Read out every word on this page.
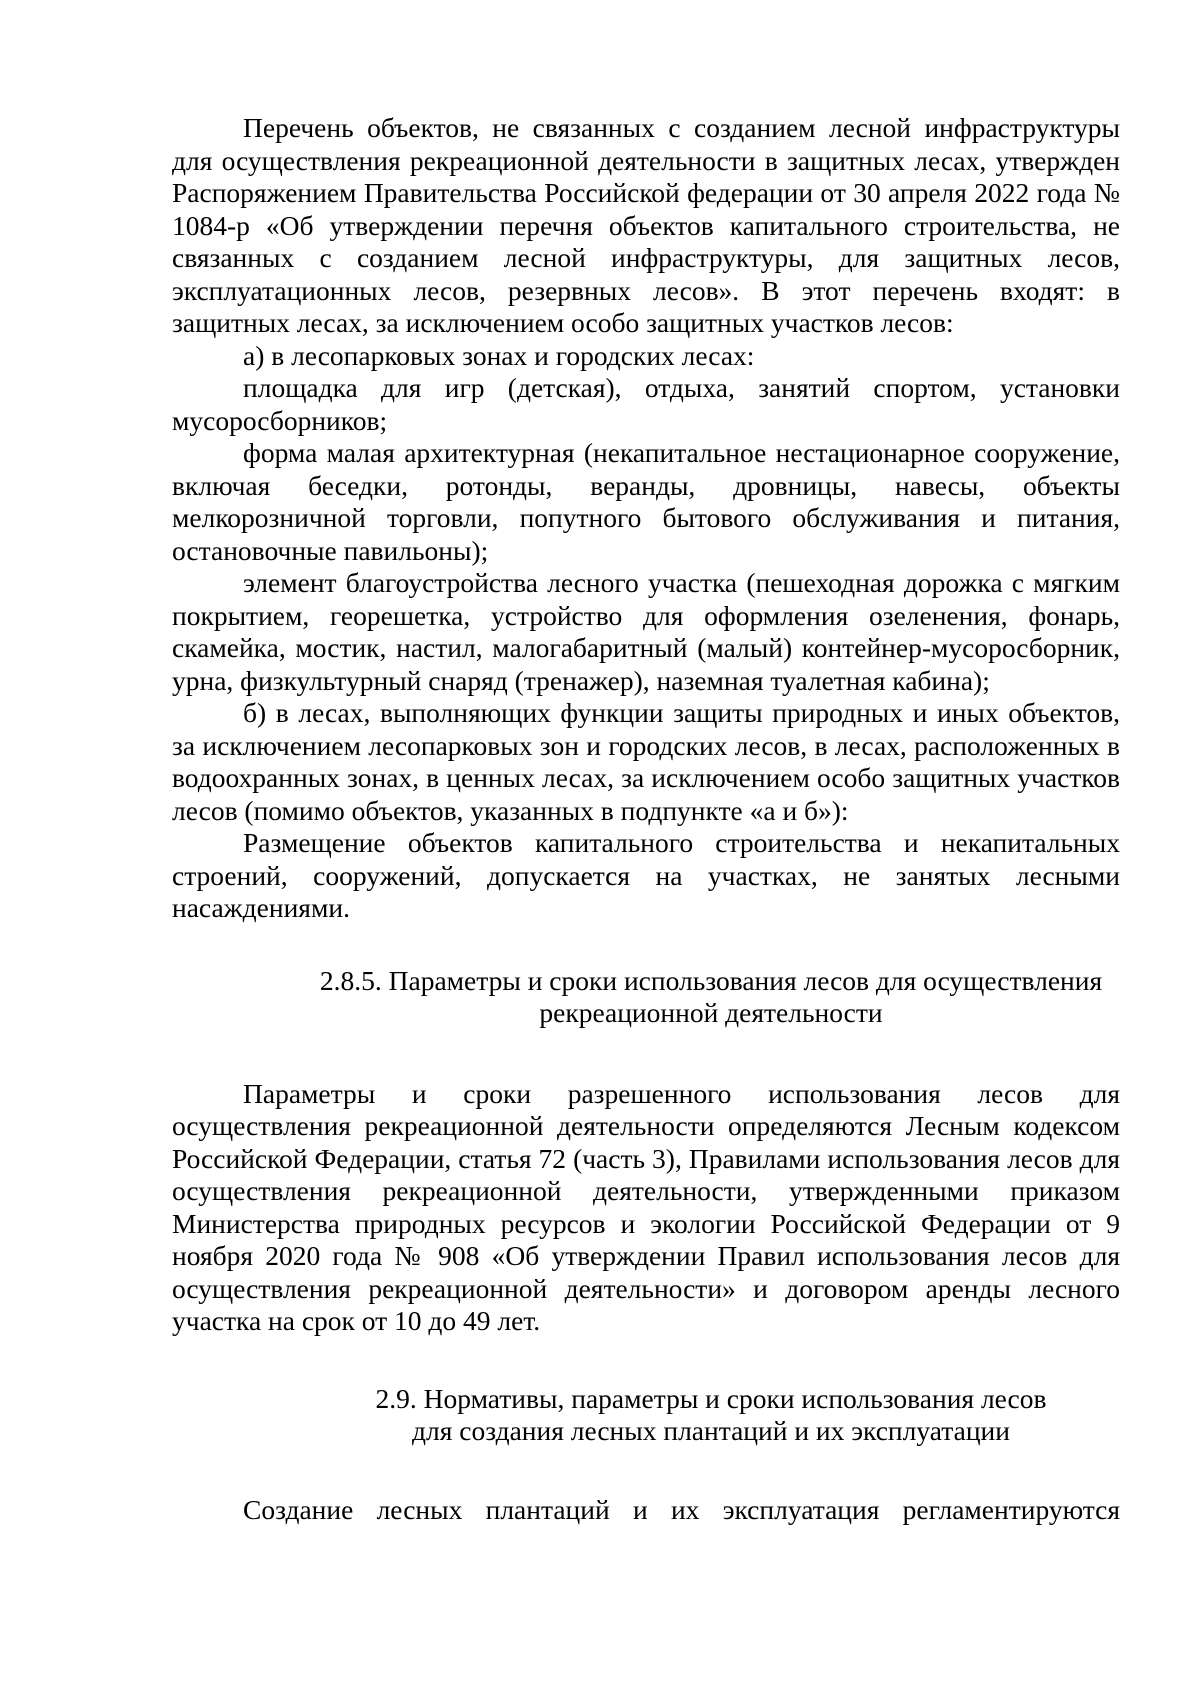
Перечень объектов, не связанных с созданием лесной инфраструктуры для осуществления рекреационной деятельности в защитных лесах, утвержден Распоряжением Правительства Российской федерации от 30 апреля 2022 года № 1084-р «Об утверждении перечня объектов капитального строительства, не связанных с созданием лесной инфраструктуры, для защитных лесов, эксплуатационных лесов, резервных лесов». В этот перечень входят: в защитных лесах, за исключением особо защитных участков лесов:

а) в лесопарковых зонах и городских лесах:

площадка для игр (детская), отдыха, занятий спортом, установки мусоросборников;

форма малая архитектурная (некапитальное нестационарное сооружение, включая беседки, ротонды, веранды, дровницы, навесы, объекты мелкорозничной торговли, попутного бытового обслуживания и питания, остановочные павильоны);

элемент благоустройства лесного участка (пешеходная дорожка с мягким покрытием, георешетка, устройство для оформления озеленения, фонарь, скамейка, мостик, настил, малогабаритный (малый) контейнер-мусоросборник, урна, физкультурный снаряд (тренажер), наземная туалетная кабина);

б) в лесах, выполняющих функции защиты природных и иных объектов, за исключением лесопарковых зон и городских лесов, в лесах, расположенных в водоохранных зонах, в ценных лесах, за исключением особо защитных участков лесов (помимо объектов, указанных в подпункте «а и б»):

Размещение объектов капитального строительства и некапитальных строений, сооружений, допускается на участках, не занятых лесными насаждениями.

2.8.5. Параметры и сроки использования лесов для осуществления
рекреационной деятельности

Параметры и сроки разрешенного использования лесов для осуществления рекреационной деятельности определяются Лесным кодексом Российской Федерации, статья 72 (часть 3), Правилами использования лесов для осуществления рекреационной деятельности, утвержденными приказом Министерства природных ресурсов и экологии Российской Федерации от 9 ноября 2020 года № 908 «Об утверждении Правил использования лесов для осуществления рекреационной деятельности» и договором аренды лесного участка на срок от 10 до 49 лет.

2.9. Нормативы, параметры и сроки использования лесов
для создания лесных плантаций и их эксплуатации

Создание лесных плантаций и их эксплуатация регламентируются
